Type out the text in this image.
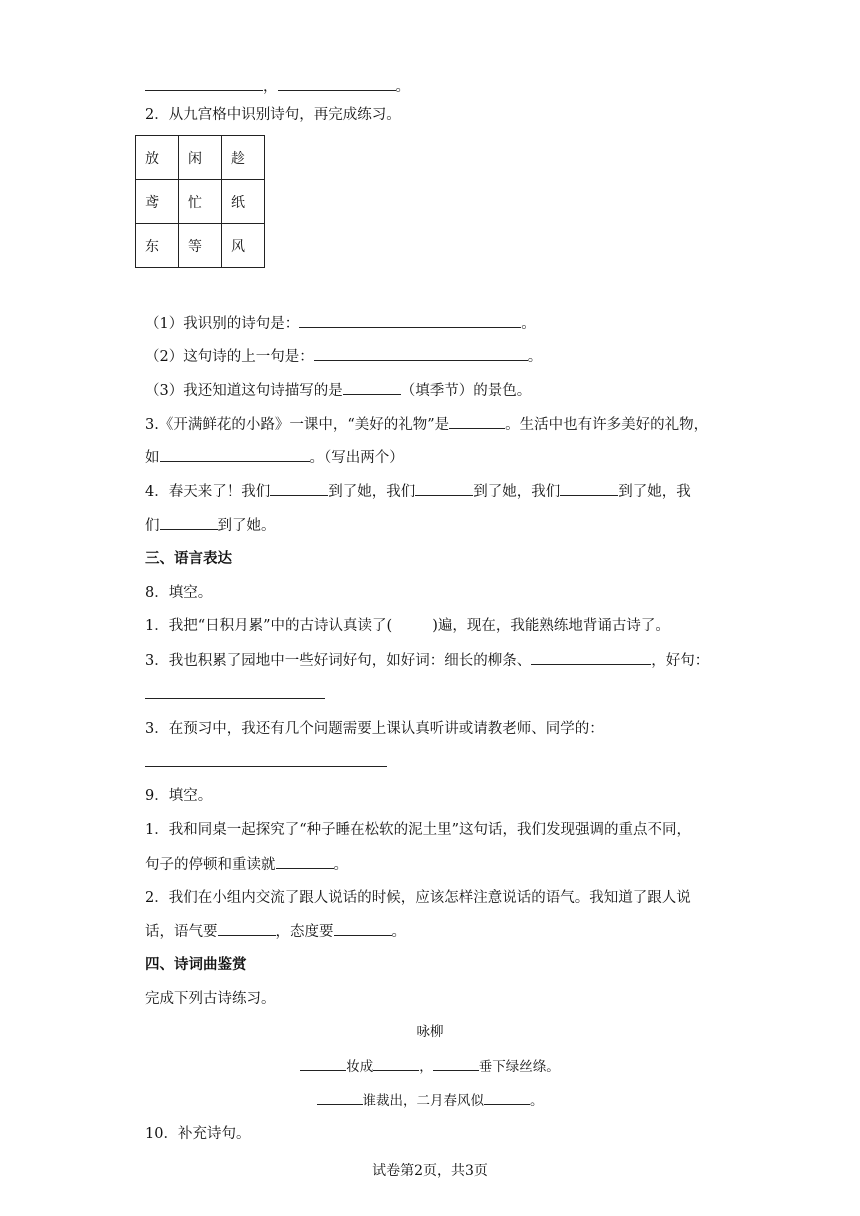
，	。
2．从九宫格中识别诗句，再完成练习。
放	闲	趁
鸢	忙	纸
东	等	风
（1）我识别的诗句是：	。
（2）这句诗的上一句是：	。
（3）我还知道这句诗描写的是	（填季节）的景色。
3.《开满鲜花的小路》一课中，“美好的礼物”是	。生活中也有许多美好的礼物，
如	。（写出两个）
4．春天来了！我们	到了她，我们	到了她，我们	到了她，我
们	到了她。
三、语言表达
8．填空。
1．我把“日积月累”中的古诗认真读了(	)遍，现在，我能熟练地背诵古诗了。
3．我也积累了园地中一些好词好句，如好词：细长的柳条、	，好句：
3．在预习中，我还有几个问题需要上课认真听讲或请教老师、同学的：
9．填空。
1．我和同桌一起探究了“种子睡在松软的泥土里”这句话，我们发现强调的重点不同，
句子的停顿和重读就	。
2．我们在小组内交流了跟人说话的时候，应该怎样注意说话的语气。我知道了跟人说
话，语气要	，态度要	。
四、诗词曲鉴赏
完成下列古诗练习。
咏柳
妆成	，	垂下绿丝绦。
谁裁出，二月春风似	。
10．补充诗句。
试卷第2页，共3页
